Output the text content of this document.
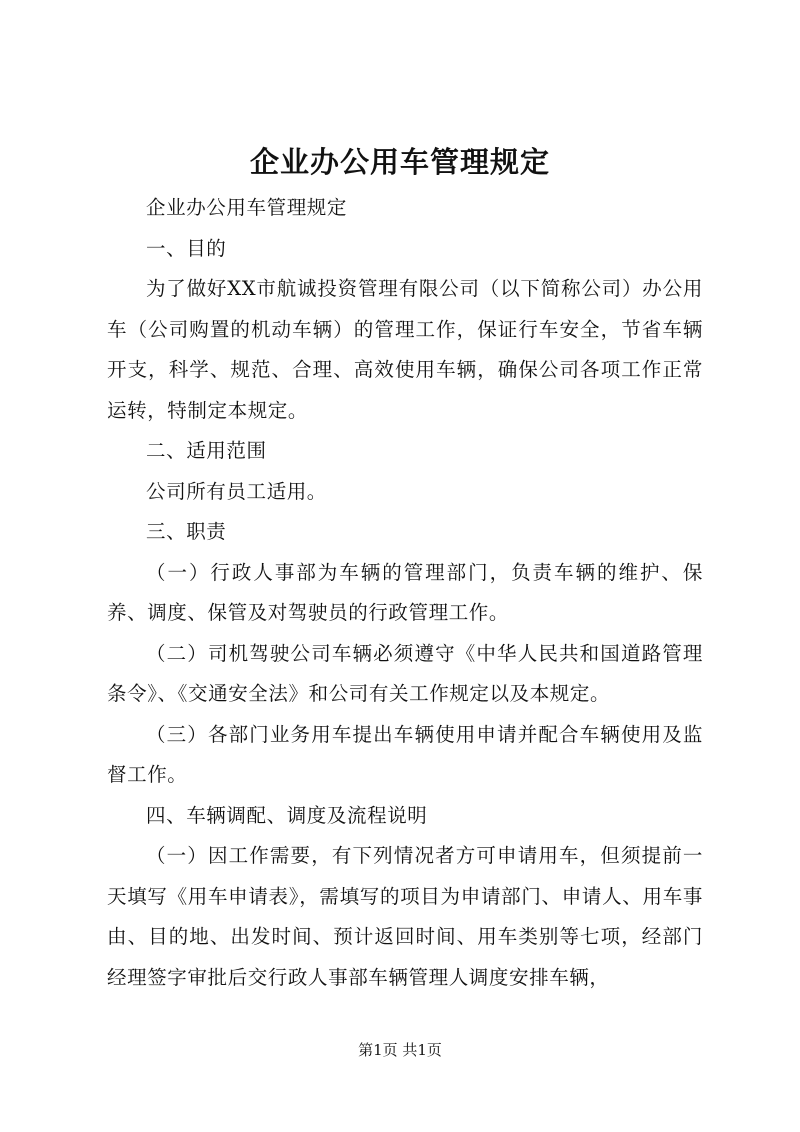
企业办公用车管理规定

企业办公用车管理规定

一、目的

为了做好XX市航诚投资管理有限公司（以下简称公司）办公用车（公司购置的机动车辆）的管理工作，保证行车安全，节省车辆开支，科学、规范、合理、高效使用车辆，确保公司各项工作正常运转，特制定本规定。

二、适用范围

公司所有员工适用。

三、职责

（一）行政人事部为车辆的管理部门，负责车辆的维护、保养、调度、保管及对驾驶员的行政管理工作。

（二）司机驾驶公司车辆必须遵守《中华人民共和国道路管理条令》、《交通安全法》和公司有关工作规定以及本规定。

（三）各部门业务用车提出车辆使用申请并配合车辆使用及监督工作。

四、车辆调配、调度及流程说明

（一）因工作需要，有下列情况者方可申请用车，但须提前一天填写《用车申请表》，需填写的项目为申请部门、申请人、用车事由、目的地、出发时间、预计返回时间、用车类别等七项，经部门经理签字审批后交行政人事部车辆管理人调度安排车辆，

第1页 共1页
